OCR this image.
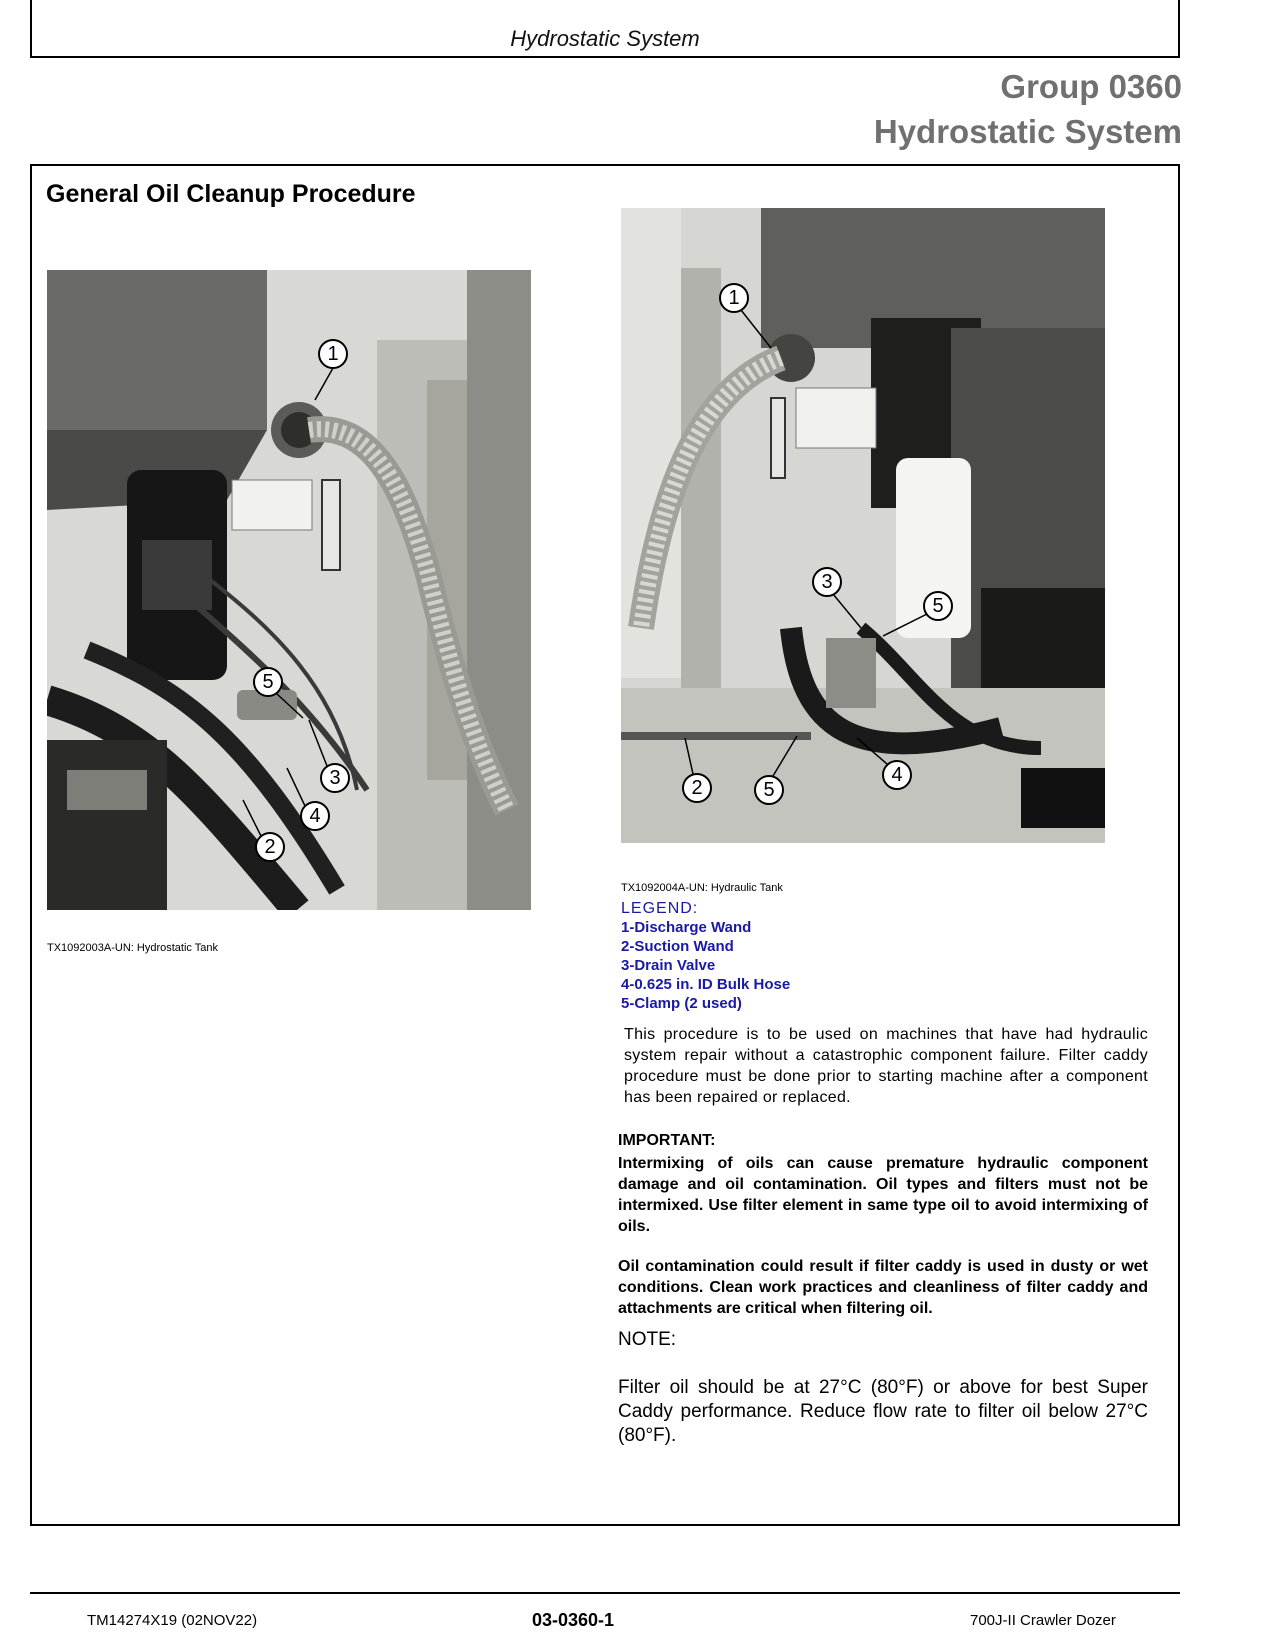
Hydrostatic System
Group 0360
Hydrostatic System
General Oil Cleanup Procedure
1
5
3
4
2
TX1092003A-UN: Hydrostatic Tank
1
3
5
2	5
4
TX1092004A-UN: Hydraulic Tank
LEGEND:
1-Discharge Wand
2-Suction Wand
3-Drain Valve
4-0.625 in. ID Bulk Hose
5-Clamp (2 used)
This procedure is to be used on machines that have had hydraulic system repair without a catastrophic component failure. Filter caddy procedure must be done prior to starting machine after a component has been repaired or replaced.
IMPORTANT:
Intermixing of oils can cause premature hydraulic component damage and oil contamination. Oil types and filters must not be intermixed. Use filter element in same type oil to avoid intermixing of oils.
Oil contamination could result if filter caddy is used in dusty or wet conditions. Clean work practices and cleanliness of filter caddy and attachments are critical when filtering oil.
NOTE:
Filter oil should be at 27°C (80°F) or above for best Super Caddy performance. Reduce flow rate to filter oil below 27°C (80°F).
TM14274X19 (02NOV22)	03-0360-1	700J-II Crawler Dozer
